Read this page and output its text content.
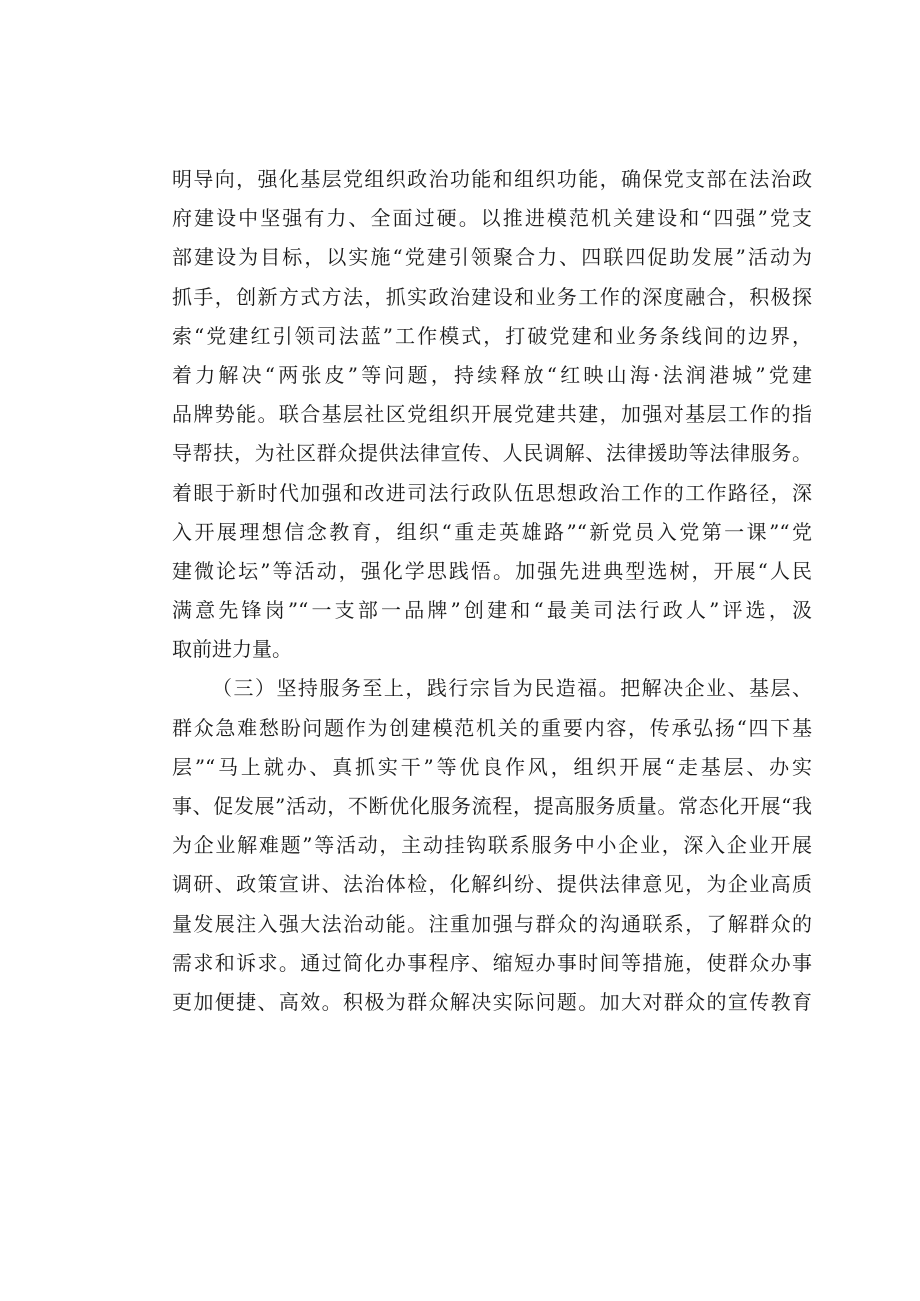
明导向，强化基层党组织政治功能和组织功能，确保党支部在法治政
府建设中坚强有力、全面过硬。以推进模范机关建设和“四强”党支
部建设为目标，以实施“党建引领聚合力、四联四促助发展”活动为
抓手，创新方式方法，抓实政治建设和业务工作的深度融合，积极探
索“党建红引领司法蓝”工作模式，打破党建和业务条线间的边界，
着力解决“两张皮”等问题，持续释放“红映山海·法润港城”党建
品牌势能。联合基层社区党组织开展党建共建，加强对基层工作的指
导帮扶，为社区群众提供法律宣传、人民调解、法律援助等法律服务。
着眼于新时代加强和改进司法行政队伍思想政治工作的工作路径，深
入开展理想信念教育，组织“重走英雄路”“新党员入党第一课”“党
建微论坛”等活动，强化学思践悟。加强先进典型选树，开展“人民
满意先锋岗”“一支部一品牌”创建和“最美司法行政人”评选，汲
取前进力量。
（三）坚持服务至上，践行宗旨为民造福。把解决企业、基层、
群众急难愁盼问题作为创建模范机关的重要内容，传承弘扬“四下基
层”“马上就办、真抓实干”等优良作风，组织开展“走基层、办实
事、促发展”活动，不断优化服务流程，提高服务质量。常态化开展“我
为企业解难题”等活动，主动挂钩联系服务中小企业，深入企业开展
调研、政策宣讲、法治体检，化解纠纷、提供法律意见，为企业高质
量发展注入强大法治动能。注重加强与群众的沟通联系，了解群众的
需求和诉求。通过简化办事程序、缩短办事时间等措施，使群众办事
更加便捷、高效。积极为群众解决实际问题。加大对群众的宣传教育
